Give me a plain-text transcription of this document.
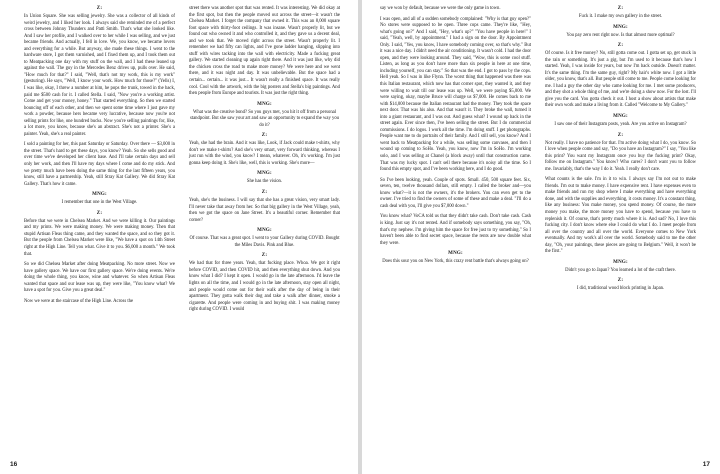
Z:

In Union Square. She was selling jewelry. She was a collector of all kinds of weird jewelry, and I liked her look. I always said she reminded me of a perfect cross between Johnny Thunders and Patti Smith. That's what she looked like. And I saw her profile, and I walked over to her while I was selling, and we just became friends. And actually, I fell in love. We, you know, we became lovers and everything for a while. But anyway, she made these things. I went to the hardware store, I got them varnished, and I fixed them up, and I took them out to Meatpacking one day with my stuff on the wall, and I had these leaned up against the wall. The guy in the Mercedes Benz drives up, pulls over. He said, "How much for that?" I said, "Well, that's not my work, this is my work" (gesturing). He says, "Well, I know your work. How much for those?" (Yells) I, I was like, okay, I threw a number at him, he pops the trunk, towed in the back, paid me $500 cash for it. I called Stella. I said, "Now you're a working artist. Come and get your money, honey." That started everything. So then we started bouncing off of each other, and then we spent some time where I just gave my work a powder, because hers became very lucrative, because now you're not selling prints for like, one hundred bucks. Now you're selling paintings for, like, a lot more, you know, because she's an abstract. She's not a printer. She's a painter. Yeah, she's a real painter.

I sold a painting for her, this past Saturday or Saturday. Over there — $3,000 in the street. That's hard to get these days, you know? Yeah. So she sells good and over time we've developed her client base. And I'll take certain days and sell only her work, and then I'll have my days where I come and do my stick. And we pretty much have been doing the same thing for the last fifteen years, you know, still have a partnership. Yeah, still Stray Kat Gallery. We did Stray Kat Gallery. That's how it came.

MNG:

I remember that one in the West Village.

Z:

Before that we were in Chelsea Market. And we were killing it. Our paintings and my prints. We were making money. We were making money. Then that stupid Artisan Fleas thing came, and they wanted the space, and so they got it. But the people from Chelsea Market were like, "We have a spot on 14th Street right at the High Line. Tell you what. Give it to you. $6,000 a month." We took that.

So we did Chelsea Market after doing Meatpacking. No more street. Now we have gallery space. We have our first gallery space. We're doing events. We're doing the whole thing, you know, wine and whatever. So when Artisan Fleas wanted that space and our lease was up, they were like, "You know what? We have a spot for you. Give you a great deal."

Now we were at the staircase of the High Line. Across the

street there was another spot that was rented. It was interesting. We did okay at the first spot, but then the people moved out across the street—it wasn't the Chelsea Market. I forget the company that owned it. This was an 8,000 square foot space with thirty-foot ceilings. It was insane. Wasn't properly lit, but we found out who owned it and who controlled it, and they gave us a decent deal, and we took that. We moved right across the street. Wasn't properly lit. I remember we had fifty can lights, and I've gone ladder hanging, slipping into stuff with wires tacking into the wall with electricity. Made a fucking great gallery. We started cleaning up again right there. And it was just like, why did the chicken cross the road to make more money? We were here and we went there, and it was night and day. It was unbelievable. But the space had a certain... certain... it was just... It wasn't really a finished space. It was really cool. Cool with the artwork, with the big posters and Stella's big paintings. And then people from Europe and tourists. It was just the right thing.

MNG:

What was the creative bond? So you guys met, you hit it off from a personal standpoint. But she saw your art and saw an opportunity to expand the way you do it?

Z:

Yeah, she had the brain. And it was like, Look, if Jack could make t-shirts, why don't we make t-shirts? And she's very smart, very forward thinking, whereas I just run with the wind, you know? I mean, whatever. Oh, it's working. I'm just gonna keep doing it. She's like, well, this is working. She's more—

MNG:

She has the vision.

Z:

Yeah, she's the business. I will say that she has a great vision, very smart lady. I'll never take that away from her. So that big gallery in the West Village, yeah, then we got the space on Jane Street. It's a beautiful corner. Remember that corner?

MNG:

Of course. That was a great spot. I went to your Gallery during COVID. Bought the Miles Davis. Pink and Blue.

Z:

We had that for three years. Yeah, that fucking place. Whoa. We got it right before COVID, and then COVID hit, and then everything shut down. And you know what I did? I kept it open. I would go in the late afternoon. I'd leave the lights on all the time, and I would go in the late afternoon, stay open all night, and people would come out for their walk after the day of being in their apartment. They gotta walk their dog and take a walk after dinner, smoke a cigarette. And people were coming in and buying shit. I was making money right during COVID. I would

16

say we won by default, because we were the only game in town.

I was open, and all of a sudden somebody complained: "Why is that guy open?" No stores were supposed to be open. Three cops came. They're like, "Hey, what's going on?" And I said, "Hey, what's up?" "You have people in here!" I said, "Yeah, well, by appointment." I had a sign on the door. By Appointment Only. I said, "Yes, you know, I have somebody coming over, so that's why." But it was a nice day. I didn't need the air conditioning. It wasn't cold. I had the door open, and they were looking around. They said, "Wow, this is some cool stuff. Listen, as long as you don't have more than six people in here at one time, including yourself, you can stay." So that was the end. I got to pass by the cops. Hell yeah. So I was in like Flynn. The worst thing that happened was there was this Italian restaurant, which now has that corner spot, they wanted it, and they were willing to wait till our lease was up. Well, we were paying $5,000. We were saying, okay, maybe Bruce will charge us $7,000. He comes back to me with $14,000 because the Italian restaurant had the money. They took the space next door. That was his also. And that wasn't it. They broke the wall, turned it into a giant restaurant, and I was out. And guess what? I wound up back in the street again. Ever since then, I've been selling the street. But I do commercial commissions. I do logos. I work all the time. I'm doing stuff. I get photographs. People want me to do portraits of their family. And I still sell, you know? And I went back to Meatpacking for a while, was selling some canvases, and then I wound up coming to SoHo. Yeah, you know, now I'm in SoHo. I'm working solo, and I was selling at Chanel (a block away) until that construction came. That was my lucky spot. I can't sell there because it's noisy all the time. So I found this empty spot, and I've been working here, and I do good.

So I've been looking, yeah. Couple of spots. Small. 450, 500 square feet. Six, seven, ten, twelve thousand dollars, still empty. I called the broker and—you know what?—it is not the owners, it's the brokers. You can even get to the owner. I've tried to find the owners of some of these and make a deal. "I'll do a cash deal with you, I'll give you $7,000 down."

You know what? VoCA told us that they didn't take cash. Don't take cash. Cash is king. Just say it's not rented. And if somebody says something, you say, "Oh, that's my nephew. I'm giving him the space for free just to try something." So I haven't been able to find secret space, because the rents are now double what they were.

MNG:

Does this sour you on New York, this crazy rent battle that's always going on?

Z:

Fuck it. I make my own gallery in the street.

MNG:

You pay zero rent right now. Is that almost more optimal?

Z:

Of course. Is it free money? No, still gotta come out. I gotta set up, get stuck in the rain or something. It's just a gig, but I'm used to it because that's how I started. Yeah, I was inside for years, but now I'm back outside. Doesn't matter. It's the same thing. I'm the same guy, right? My hair's white now. I got a little older, you know, that's all. But people still come to me. People come looking for me. I had a guy the other day who came looking for me. I met some producers, and they shot a whole thing of me, and we're doing a show now. For the lost. I'll give you the card. You gotta check it out. I host a show about artists that make their own work and make a living from it. Called "Welcome to My Gallery."

MNG:

I saw one of their Instagram posts, yeah. Are you active on Instagram?

Z:

Not really. I have no patience for that. I'm active doing what I do, you know. So I love when people come and say, "Do you have an Instagram?" I say, "You like this print? You want my Instagram once you buy the fucking print? Okay, follow me on Instagram." You know? Who cares? I don't want you to follow me. Invariably, that's the way I do it. Yeah. I really don't care.

What counts is the sale. I'm in it to win. I always say I'm not out to make friends. I'm out to make money. I have expensive rent. I have expenses even to make friends and run my shop where I make everything and have everything done, and with the supplies and everything, it costs money. It's a constant thing, like any business: You make money, you spend money. Of course, the more money you make, the more money you have to spend, because you have to replenish it. Of course, that's pretty much where it is. And sad? No, I love this fucking city. I don't know where else I could do what I do. I meet people from all over the country and all over the world. Everyone comes to New York eventually. And my work's all over the world. Somebody said to me the other day, "Oh, your paintings, these pieces are going to Belgium." Well, it won't be the first."

MNG:

Didn't you go to Japan? You learned a lot of the craft there.

Z:

I did, traditional wood block printing in Japan.

17
